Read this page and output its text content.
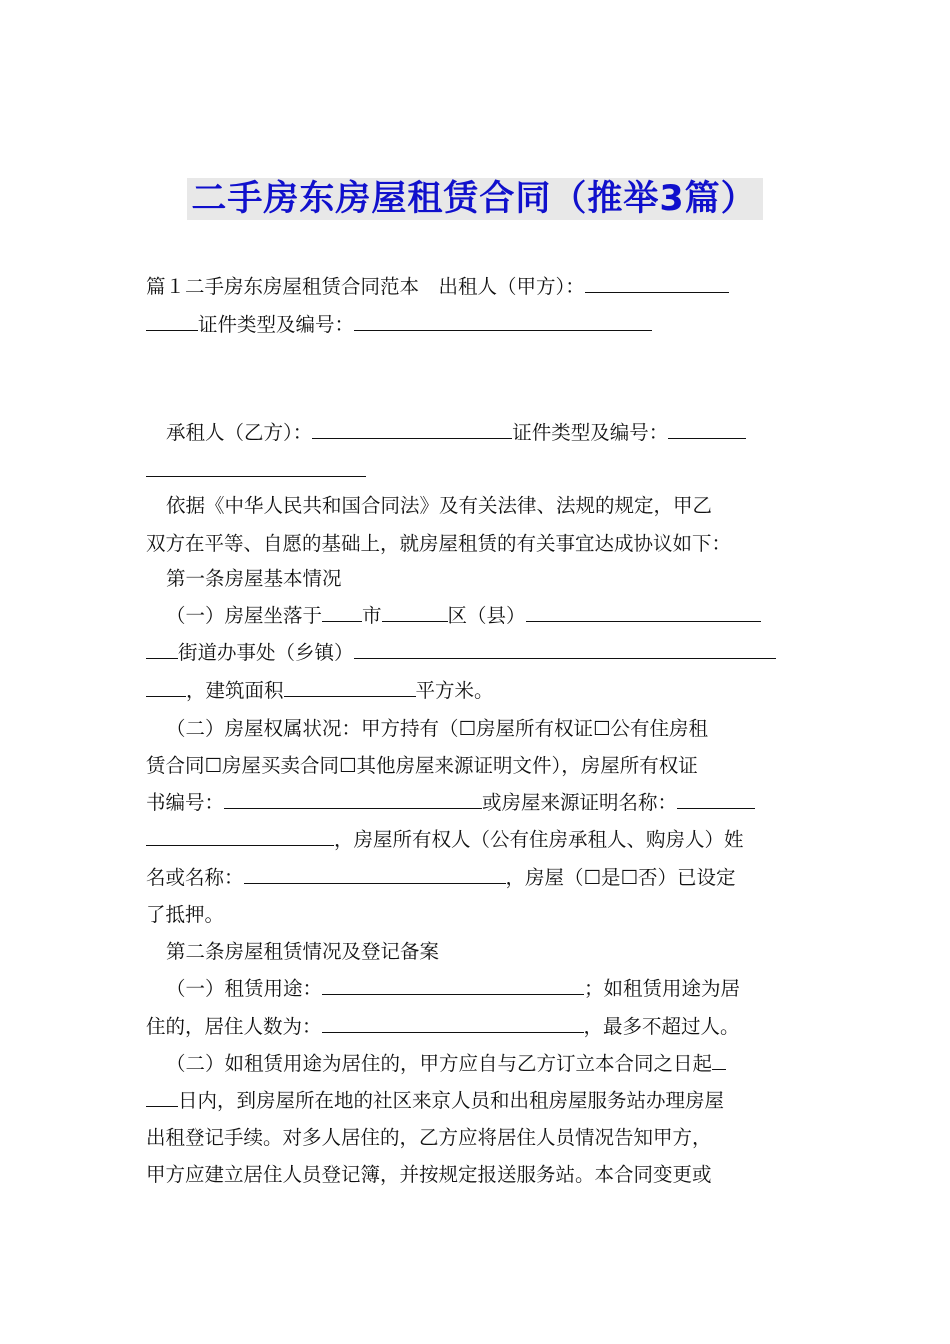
二手房东房屋租赁合同（推举3篇）
篇１二手房东房屋租赁合同范本　出租人（甲方）：
证件类型及编号：
承租人（乙方）：	证件类型及编号：
依据《中华人民共和国合同法》及有关法律、法规的规定，甲乙
双方在平等、自愿的基础上，就房屋租赁的有关事宜达成协议如下：
第一条房屋基本情况
（一）房屋坐落于 市	区（县）
街道办事处（乡镇）
，建筑面积	平方米。
（二）房屋权属状况：甲方持有（☐房屋所有权证☐公有住房租
赁合同☐房屋买卖合同☐其他房屋来源证明文件），房屋所有权证
书编号：	或房屋来源证明名称：
，房屋所有权人（公有住房承租人、购房人）姓
名或名称：	，房屋（☐是☐否）已设定
了抵押。
第二条房屋租赁情况及登记备案
（一）租赁用途：	；如租赁用途为居
住的，居住人数为：	，最多不超过人。
（二）如租赁用途为居住的，甲方应自与乙方订立本合同之日起
日内，到房屋所在地的社区来京人员和出租房屋服务站办理房屋
出租登记手续。对多人居住的，乙方应将居住人员情况告知甲方，
甲方应建立居住人员登记簿，并按规定报送服务站。本合同变更或
